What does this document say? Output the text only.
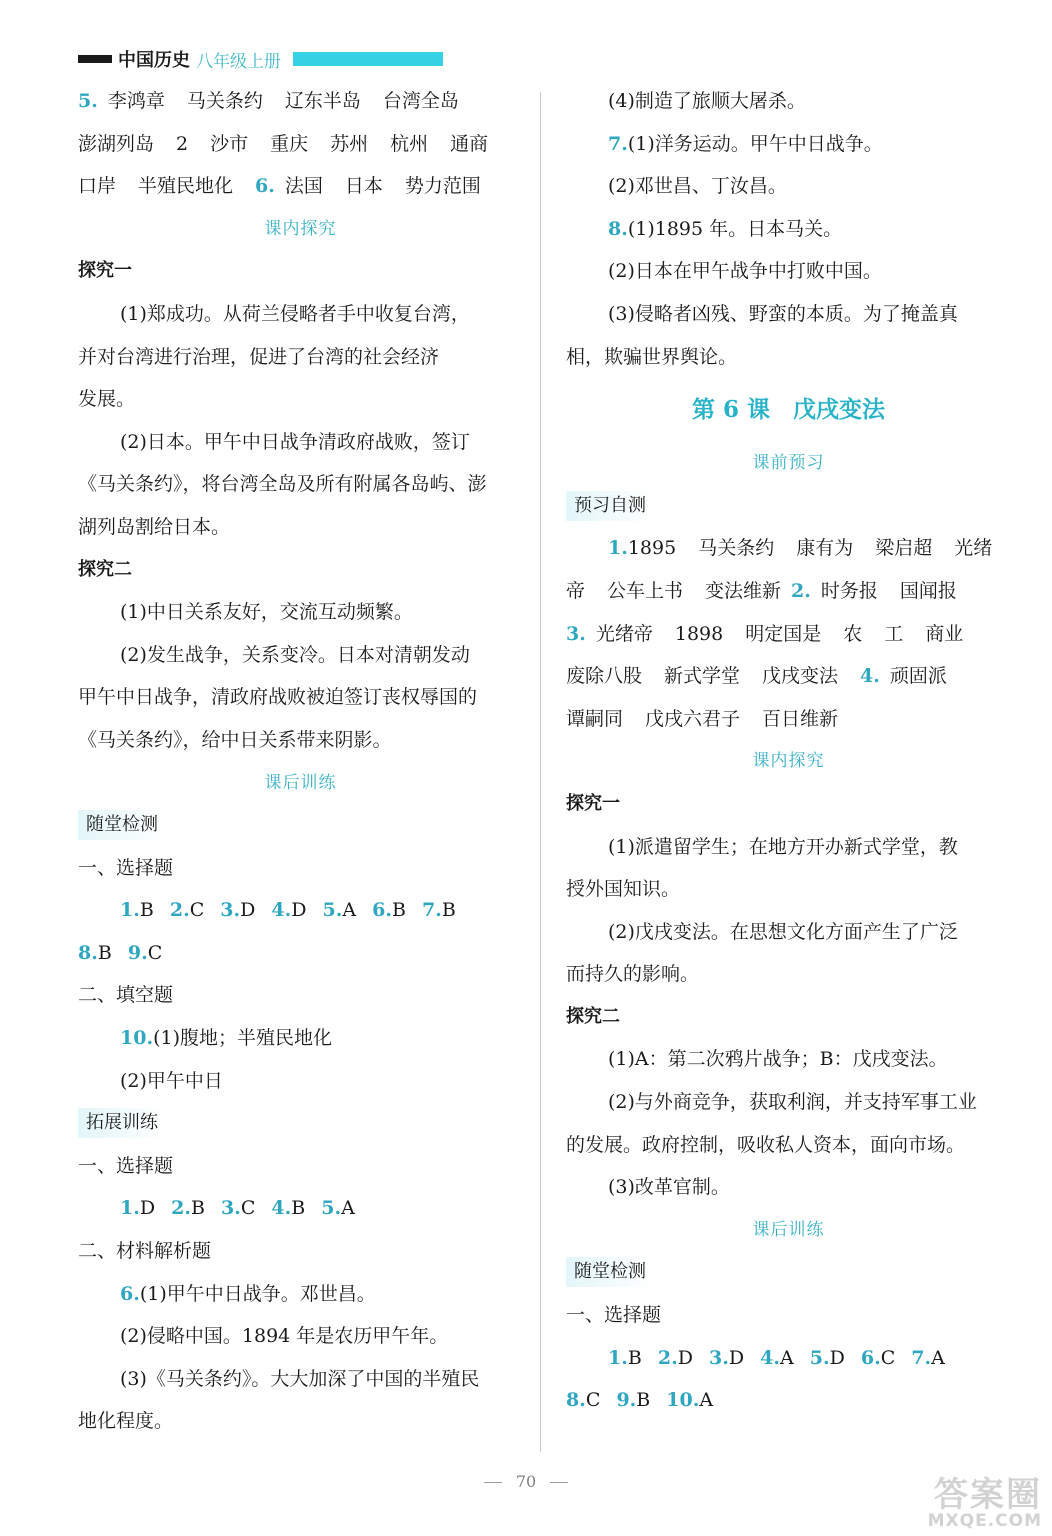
中国历史 八年级上册
5. 李鸿章 马关条约 辽东半岛 台湾全岛
澎湖列岛 2 沙市 重庆 苏州 杭州 通商
口岸 半殖民地化 6. 法国 日本 势力范围
课内探究
探究一
(1)郑成功。从荷兰侵略者手中收复台湾，
并对台湾进行治理，促进了台湾的社会经济
发展。
(2)日本。甲午中日战争清政府战败，签订
《马关条约》，将台湾全岛及所有附属各岛屿、澎
湖列岛割给日本。
探究二
(1)中日关系友好，交流互动频繁。
(2)发生战争，关系变冷。日本对清朝发动
甲午中日战争，清政府战败被迫签订丧权辱国的
《马关条约》，给中日关系带来阴影。
课后训练
随堂检测
一、选择题
1.B 2.C 3.D 4.D 5.A 6.B 7.B
8.B 9.C
二、填空题
10.(1)腹地；半殖民地化
(2)甲午中日
拓展训练
一、选择题
1.D 2.B 3.C 4.B 5.A
二、材料解析题
6.(1)甲午中日战争。邓世昌。
(2)侵略中国。1894 年是农历甲午年。
(3)《马关条约》。大大加深了中国的半殖民
地化程度。
(4)制造了旅顺大屠杀。
7.(1)洋务运动。甲午中日战争。
(2)邓世昌、丁汝昌。
8.(1)1895 年。日本马关。
(2)日本在甲午战争中打败中国。
(3)侵略者凶残、野蛮的本质。为了掩盖真
相，欺骗世界舆论。
第 6 课　戊戌变法
课前预习
预习自测
1.1895 马关条约 康有为 梁启超 光绪
帝 公车上书 变法维新 2. 时务报 国闻报
3. 光绪帝 1898 明定国是 农 工 商业
废除八股 新式学堂 戊戌变法 4. 顽固派
谭嗣同 戊戌六君子 百日维新
课内探究
探究一
(1)派遣留学生；在地方开办新式学堂，教
授外国知识。
(2)戊戌变法。在思想文化方面产生了广泛
而持久的影响。
探究二
(1)A：第二次鸦片战争；B：戊戌变法。
(2)与外商竞争，获取利润，并支持军事工业
的发展。政府控制，吸收私人资本，面向市场。
(3)改革官制。
课后训练
随堂检测
一、选择题
1.B 2.D 3.D 4.A 5.D 6.C 7.A
8.C 9.B 10.A
70	答案圈
MXQE.COM
